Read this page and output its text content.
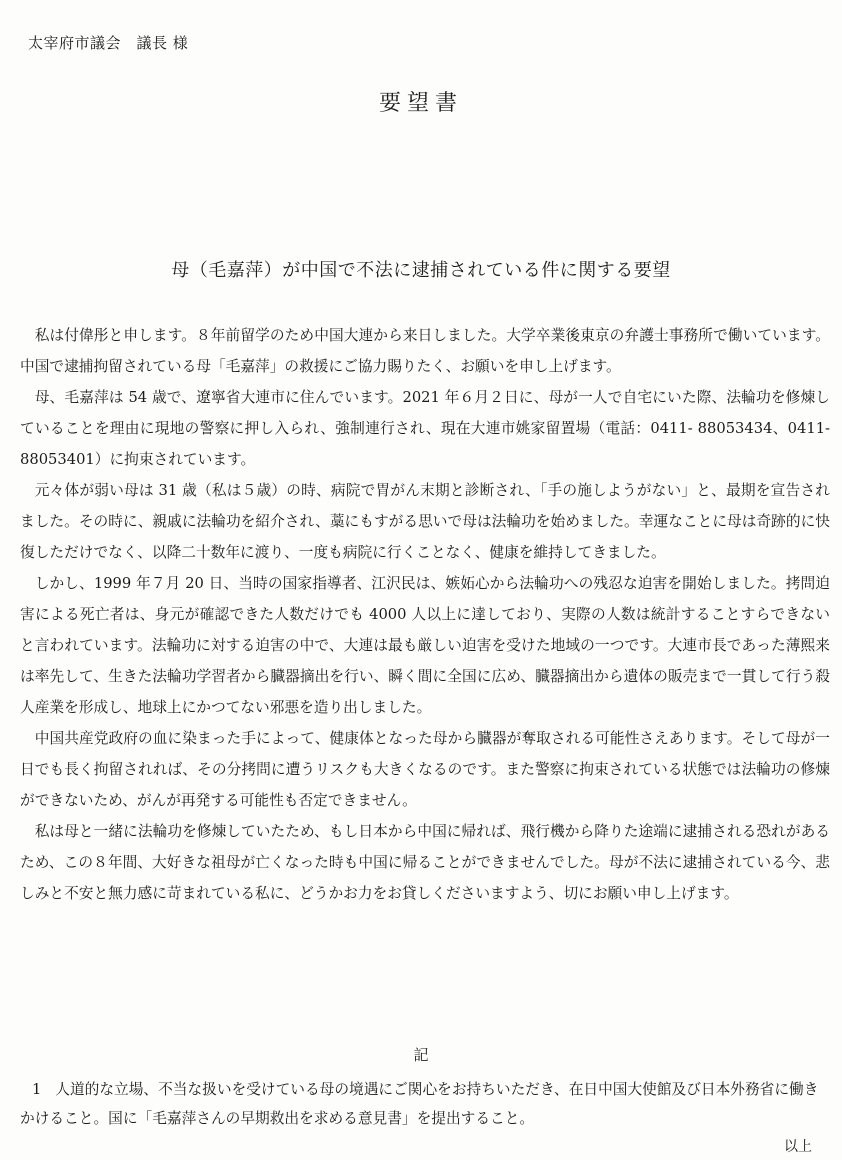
太宰府市議会　議長 様
要望書
母（毛嘉萍）が中国で不法に逮捕されている件に関する要望

私は付偉彤と申します。８年前留学のため中国大連から来日しました。大学卒業後東京の弁護士事務所で働いています。中国で逮捕拘留されている母「毛嘉萍」の救援にご協力賜りたく、お願いを申し上げます。

母、毛嘉萍は 54 歳で、遼寧省大連市に住んでいます。2021 年６月２日に、母が一人で自宅にいた際、法輪功を修煉していることを理由に現地の警察に押し入られ、強制連行され、現在大連市姚家留置場（電話：0411- 88053434、0411-88053401）に拘束されています。

元々体が弱い母は 31 歳（私は５歳）の時、病院で胃がん末期と診断され、「手の施しようがない」と、最期を宣告されました。その時に、親戚に法輪功を紹介され、藁にもすがる思いで母は法輪功を始めました。幸運なことに母は奇跡的に快復しただけでなく、以降二十数年に渡り、一度も病院に行くことなく、健康を維持してきました。

しかし、1999 年７月 20 日、当時の国家指導者、江沢民は、嫉妬心から法輪功への残忍な迫害を開始しました。拷問迫害による死亡者は、身元が確認できた人数だけでも 4000 人以上に達しており、実際の人数は統計することすらできないと言われています。法輪功に対する迫害の中で、大連は最も厳しい迫害を受けた地域の一つです。大連市長であった薄熙来は率先して、生きた法輪功学習者から臓器摘出を行い、瞬く間に全国に広め、臓器摘出から遺体の販売まで一貫して行う殺人産業を形成し、地球上にかつてない邪悪を造り出しました。

中国共産党政府の血に染まった手によって、健康体となった母から臓器が奪取される可能性さえあります。そして母が一日でも長く拘留されれば、その分拷問に遭うリスクも大きくなるのです。また警察に拘束されている状態では法輪功の修煉ができないため、がんが再発する可能性も否定できません。

私は母と一緒に法輪功を修煉していたため、もし日本から中国に帰れば、飛行機から降りた途端に逮捕される恐れがあるため、この８年間、大好きな祖母が亡くなった時も中国に帰ることができませんでした。母が不法に逮捕されている今、悲しみと不安と無力感に苛まれている私に、どうかお力をお貸しくださいますよう、切にお願い申し上げます。

記
1 人道的な立場、不当な扱いを受けている母の境遇にご関心をお持ちいただき、在日中国大使館及び日本外務省に働きかけること。国に「毛嘉萍さんの早期救出を求める意見書」を提出すること。
以上
